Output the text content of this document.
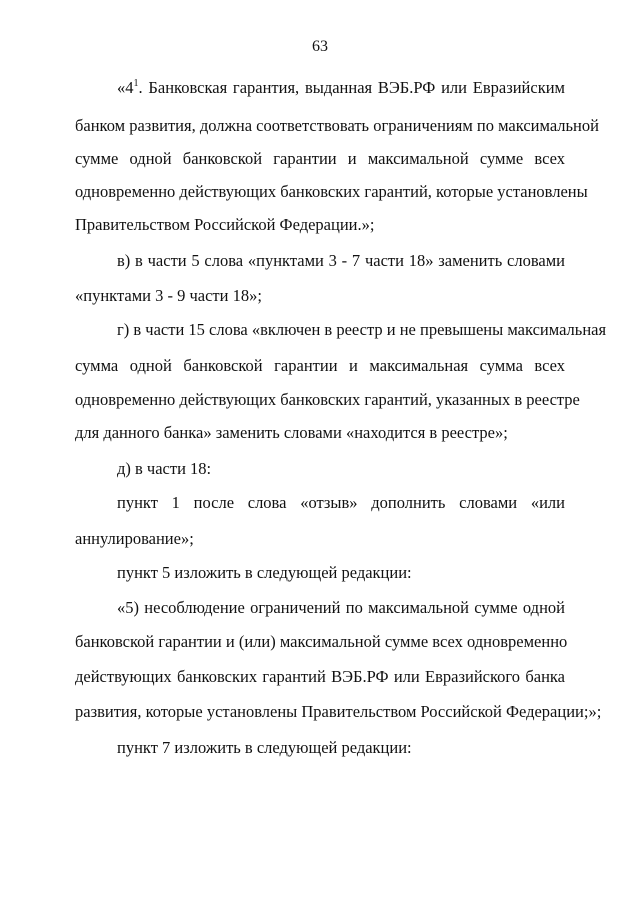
63
«$4^1$. Банковская гарантия, выданная ВЭБ.РФ или Евразийским
банком развития, должна соответствовать ограничениям по максимальной
сумме одной банковской гарантии и максимальной сумме всех
одновременно действующих банковских гарантий, которые установлены
Правительством Российской Федерации.»;
в) в части 5 слова «пунктами 3 - 7 части 18» заменить словами
«пунктами 3 - 9 части 18»;
г) в части 15 слова «включен в реестр и не превышены максимальная
сумма одной банковской гарантии и максимальная сумма всех
одновременно действующих банковских гарантий, указанных в реестре
для данного банка» заменить словами «находится в реестре»;
д) в части 18:
пункт 1 после слова «отзыв» дополнить словами «или
аннулирование»;
пункт 5 изложить в следующей редакции:
«5) несоблюдение ограничений по максимальной сумме одной
банковской гарантии и (или) максимальной сумме всех одновременно
действующих банковских гарантий ВЭБ.РФ или Евразийского банка
развития, которые установлены Правительством Российской Федерации;»;
пункт 7 изложить в следующей редакции:
